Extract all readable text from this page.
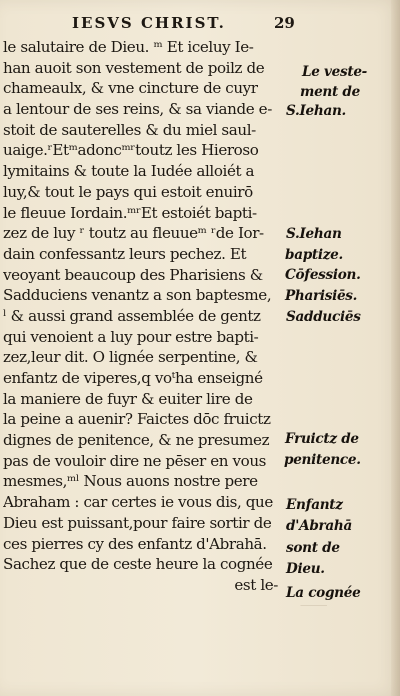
IESVS CHRIST.	29
le salutaire de Dieu. ᵐ Et iceluy Ie-
han auoit son vestement de poilz de
chameaulx, & vne cincture de cuyr
a lentour de ses reins, & sa viande e-
stoit de sauterelles & du miel saul-
uaige.ʳEtᵐadoncᵐʳtoutz les Hieroso
lymitains & toute la Iudée alloiét a
luy,& tout le pays qui estoit enuirō
le fleuue Iordain.ᵐʳEt estoiét bapti-
zez de luy ʳ toutz au fleuueᵐ ʳde Ior-
dain confessantz leurs pechez. Et
veoyant beaucoup des Pharisiens &
Sadduciens venantz a son baptesme,
ˡ & aussi grand assemblée de gentz
qui venoient a luy pour estre bapti-
zez,leur dit. O lignée serpentine, &
enfantz de viperes,q voᵗha enseigné
la maniere de fuyr & euiter lire de
la peine a auenir? Faictes dōc fruictz
dignes de penitence, & ne presumez
pas de vouloir dire ne pēser en vous
mesmes,ᵐˡ Nous auons nostre pere
Abraham : car certes ie vous dis, que
Dieu est puissant,pour faire sortir de
ces pierres cy des enfantz d'Abrahā.
Sachez que de ceste heure la cognée
est le-
Le veste-
ment de
S.Iehan.
S.Iehan
baptize.
Cōfession.
Pharisiēs.
Sadduciēs
Fruictz de
penitence.
Enfantz
d'Abrahā
sont de
Dieu.
La cognée
⸻
